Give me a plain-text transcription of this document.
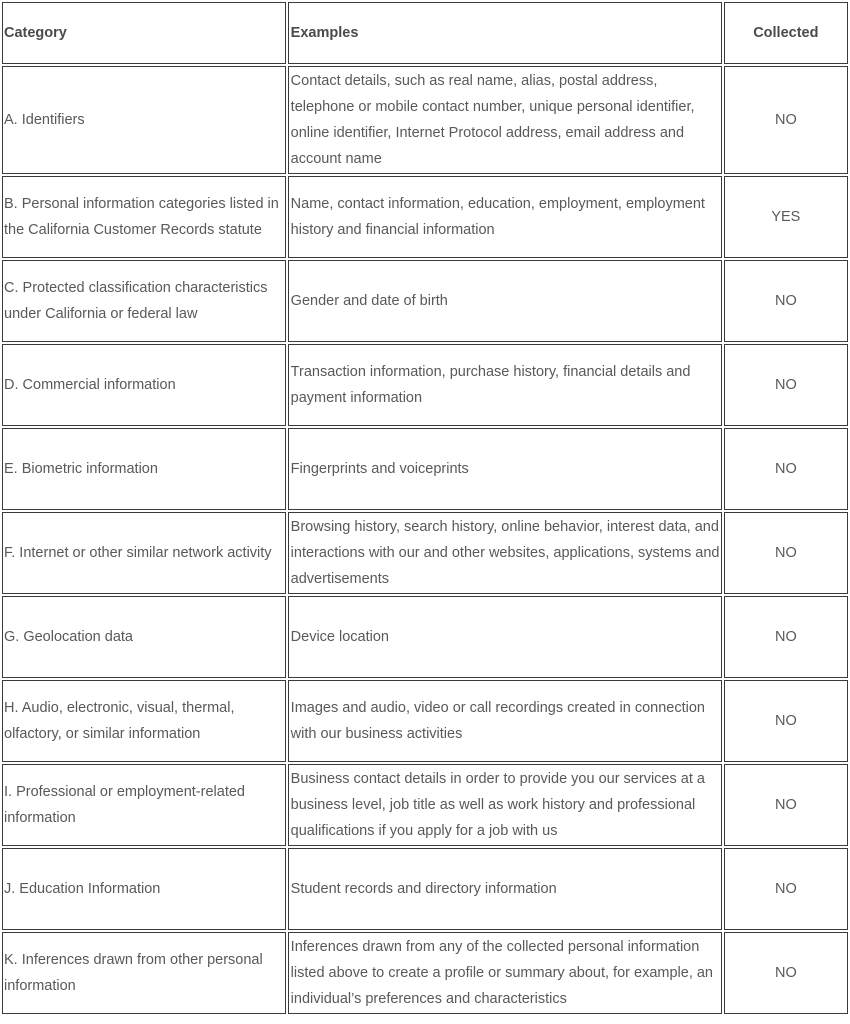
Category	Examples	Collected
A. Identifiers	Contact details, such as real name, alias, postal address, telephone or mobile contact number, unique personal identifier, online identifier, Internet Protocol address, email address and account name	NO
B. Personal information categories listed in the California Customer Records statute	Name, contact information, education, employment, employment history and financial information	YES
C. Protected classification characteristics under California or federal law	Gender and date of birth	NO
D. Commercial information	Transaction information, purchase history, financial details and payment information	NO
E. Biometric information	Fingerprints and voiceprints	NO
F. Internet or other similar network activity	Browsing history, search history, online behavior, interest data, and interactions with our and other websites, applications, systems and advertisements	NO
G. Geolocation data	Device location	NO
H. Audio, electronic, visual, thermal, olfactory, or similar information	Images and audio, video or call recordings created in connection with our business activities	NO
I. Professional or employment-related information	Business contact details in order to provide you our services at a business level, job title as well as work history and professional qualifications if you apply for a job with us	NO
J. Education Information	Student records and directory information	NO
K. Inferences drawn from other personal information	Inferences drawn from any of the collected personal information listed above to create a profile or summary about, for example, an individual’s preferences and characteristics	NO
